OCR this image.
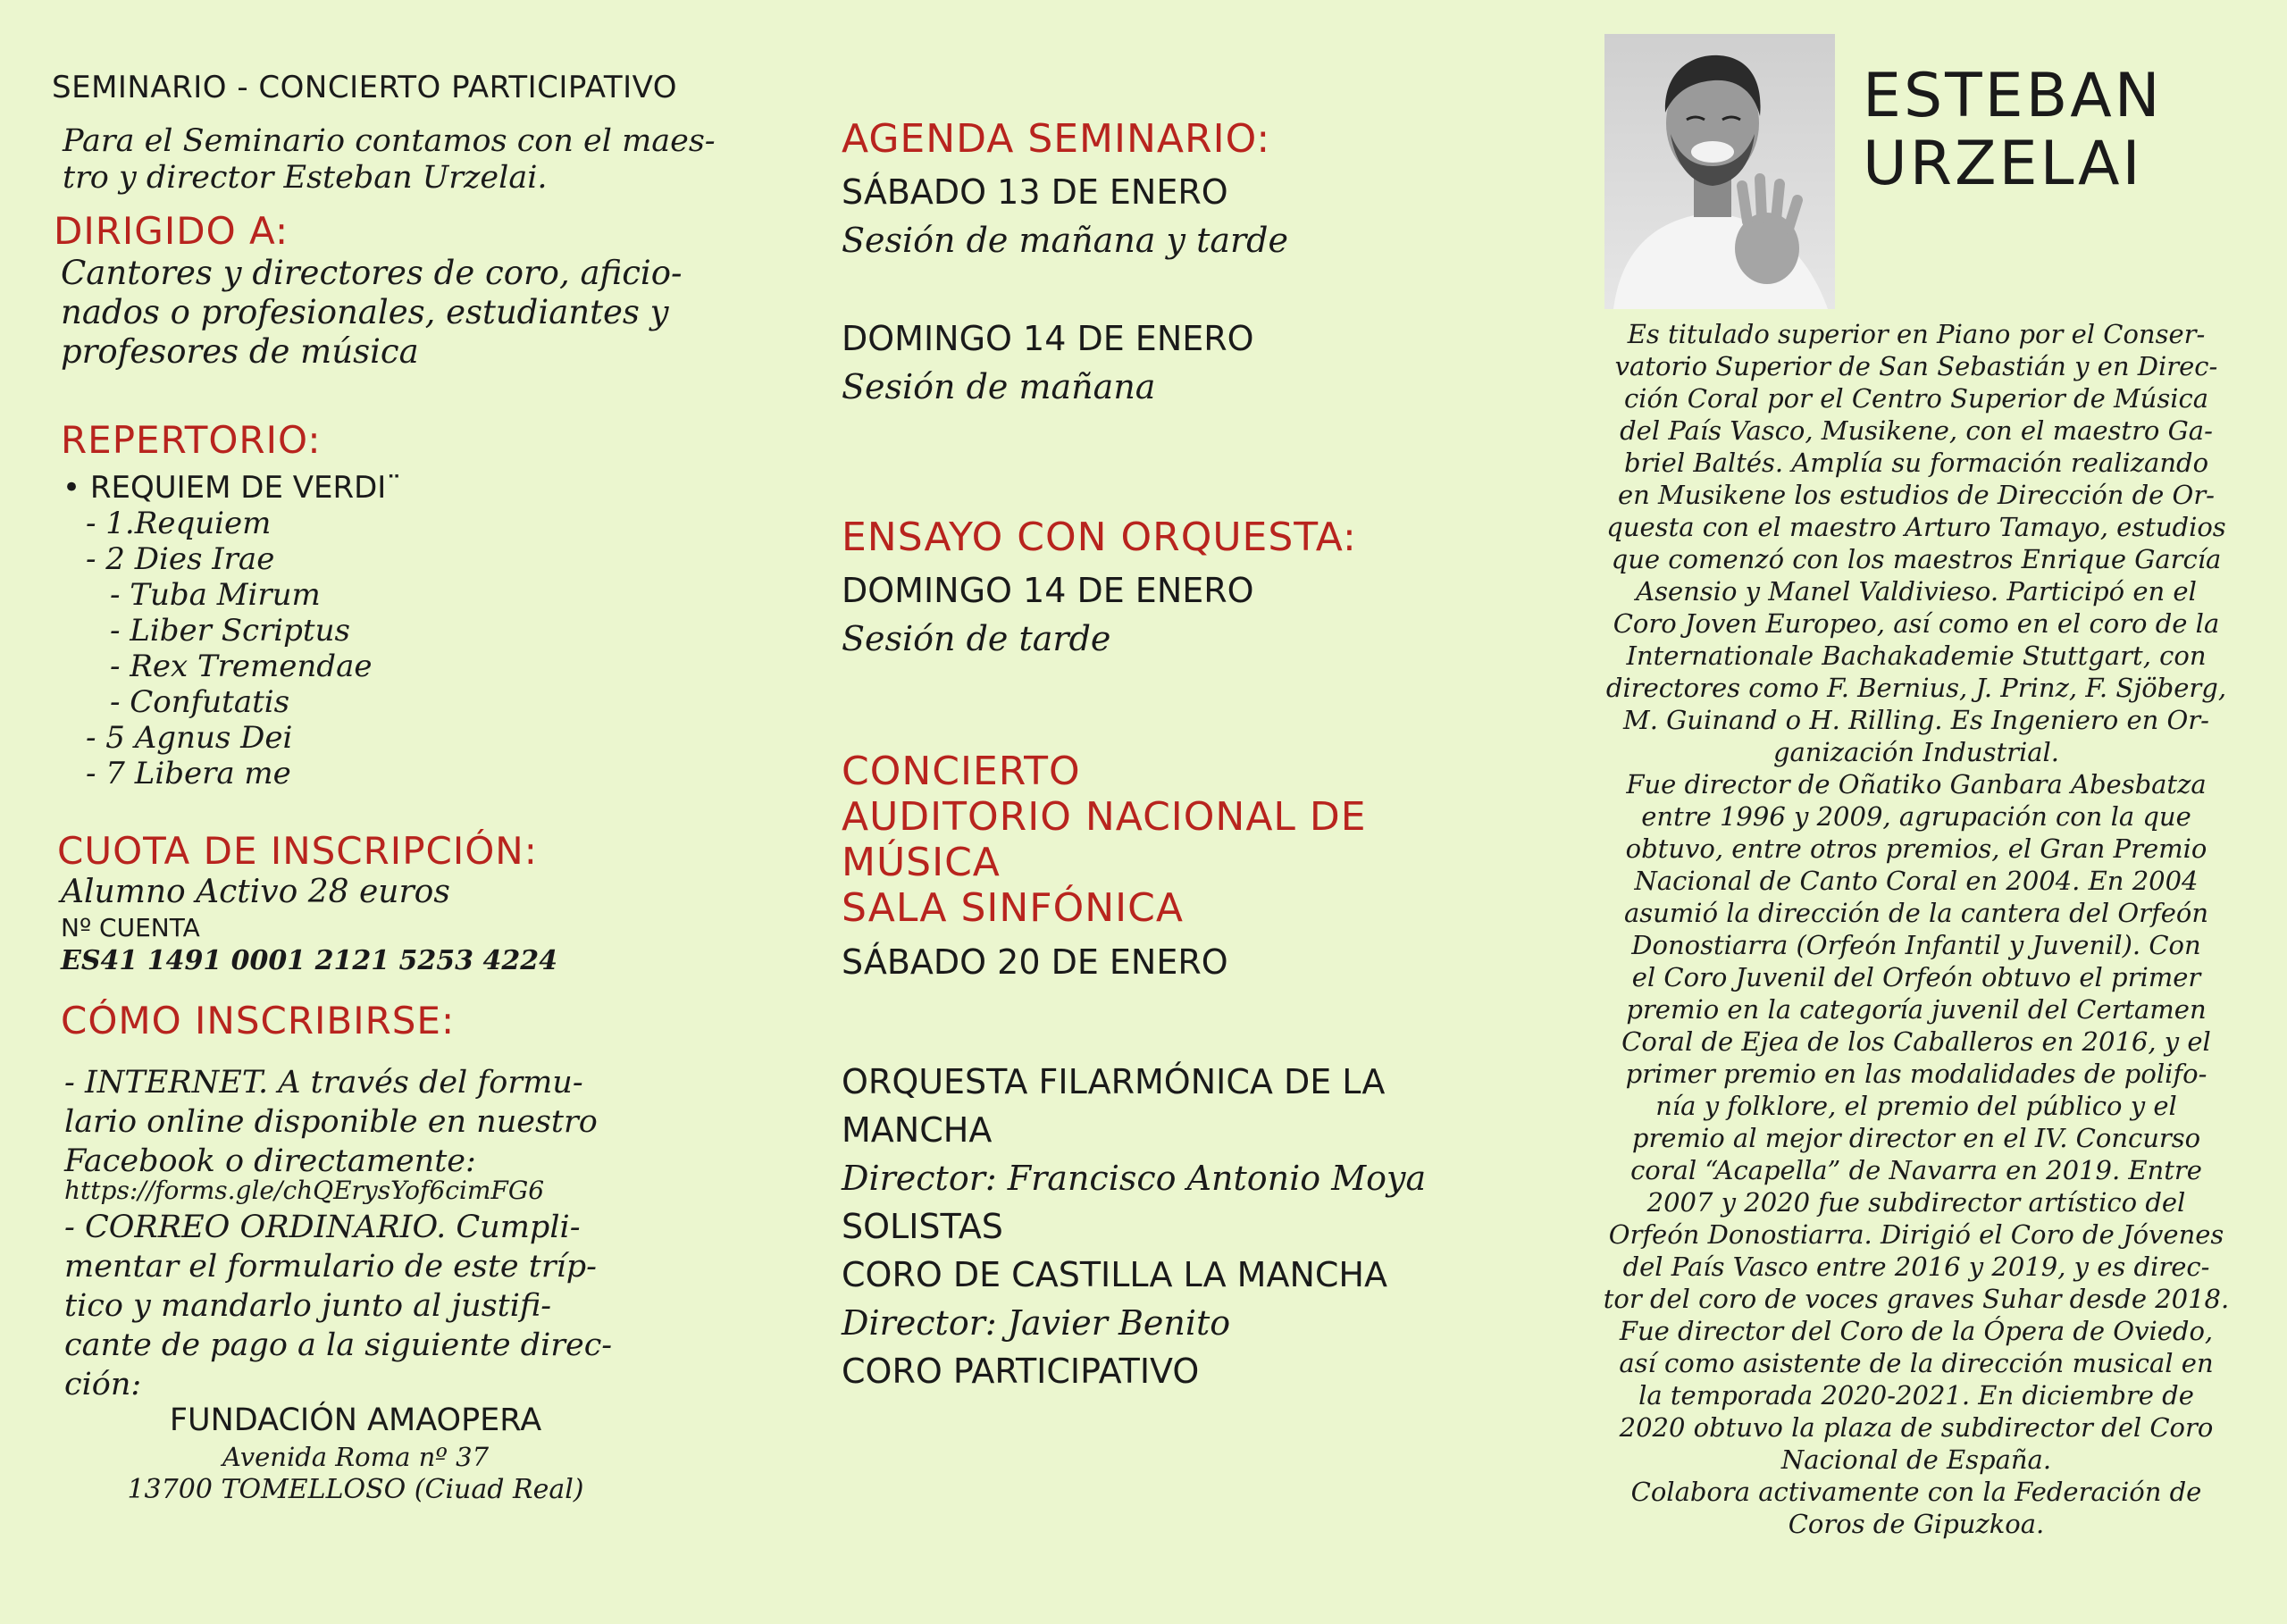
SEMINARIO - CONCIERTO PARTICIPATIVO
Para el Seminario contamos con el maes-
tro y director Esteban Urzelai.
DIRIGIDO A:
Cantores y directores de coro, aficio-
nados o profesionales, estudiantes y
profesores de música
REPERTORIO:
• REQUIEM DE VERDI¨
- 1.Requiem
- 2 Dies Irae
- Tuba Mirum
- Liber Scriptus
- Rex Tremendae
- Confutatis
- 5 Agnus Dei
- 7 Libera me
CUOTA DE INSCRIPCIÓN:
Alumno Activo 28 euros
Nº CUENTA
ES41 1491 0001 2121 5253 4224
CÓMO INSCRIBIRSE:
- INTERNET. A través del formu-
lario online disponible en nuestro
Facebook o directamente:
https://forms.gle/chQErysYof6cimFG6
- CORREO ORDINARIO. Cumpli-
mentar el formulario de este tríp-
tico y mandarlo junto al justifi-
cante de pago a la siguiente direc-
ción:
FUNDACIÓN AMAOPERA
Avenida Roma nº 37
13700 TOMELLOSO (Ciuad Real)
AGENDA SEMINARIO:
SÁBADO 13 DE ENERO
Sesión de mañana y tarde
DOMINGO 14 DE ENERO
Sesión de mañana
ENSAYO CON ORQUESTA:
DOMINGO 14 DE ENERO
Sesión de tarde
CONCIERTO
AUDITORIO NACIONAL DE
MÚSICA
SALA SINFÓNICA
SÁBADO 20 DE ENERO
ORQUESTA FILARMÓNICA DE LA
MANCHA
Director: Francisco Antonio Moya
SOLISTAS
CORO DE CASTILLA LA MANCHA
Director: Javier Benito
CORO PARTICIPATIVO
ESTEBAN
URZELAI
Es titulado superior en Piano por el Conser-
vatorio Superior de San Sebastián y en Direc-
ción Coral por el Centro Superior de Música
del País Vasco, Musikene, con el maestro Ga-
briel Baltés. Amplía su formación realizando
en Musikene los estudios de Dirección de Or-
questa con el maestro Arturo Tamayo, estudios
que comenzó con los maestros Enrique García
Asensio y Manel Valdivieso. Participó en el
Coro Joven Europeo, así como en el coro de la
Internationale Bachakademie Stuttgart, con
directores como F. Bernius, J. Prinz, F. Sjöberg,
M. Guinand o H. Rilling. Es Ingeniero en Or-
ganización Industrial.
Fue director de Oñatiko Ganbara Abesbatza
entre 1996 y 2009, agrupación con la que
obtuvo, entre otros premios, el Gran Premio
Nacional de Canto Coral en 2004. En 2004
asumió la dirección de la cantera del Orfeón
Donostiarra (Orfeón Infantil y Juvenil). Con
el Coro Juvenil del Orfeón obtuvo el primer
premio en la categoría juvenil del Certamen
Coral de Ejea de los Caballeros en 2016, y el
primer premio en las modalidades de polifo-
nía y folklore, el premio del público y el
premio al mejor director en el IV. Concurso
coral “Acapella” de Navarra en 2019. Entre
2007 y 2020 fue subdirector artístico del
Orfeón Donostiarra. Dirigió el Coro de Jóvenes
del País Vasco entre 2016 y 2019, y es direc-
tor del coro de voces graves Suhar desde 2018.
Fue director del Coro de la Ópera de Oviedo,
así como asistente de la dirección musical en
la temporada 2020-2021. En diciembre de
2020 obtuvo la plaza de subdirector del Coro
Nacional de España.
Colabora activamente con la Federación de
Coros de Gipuzkoa.
